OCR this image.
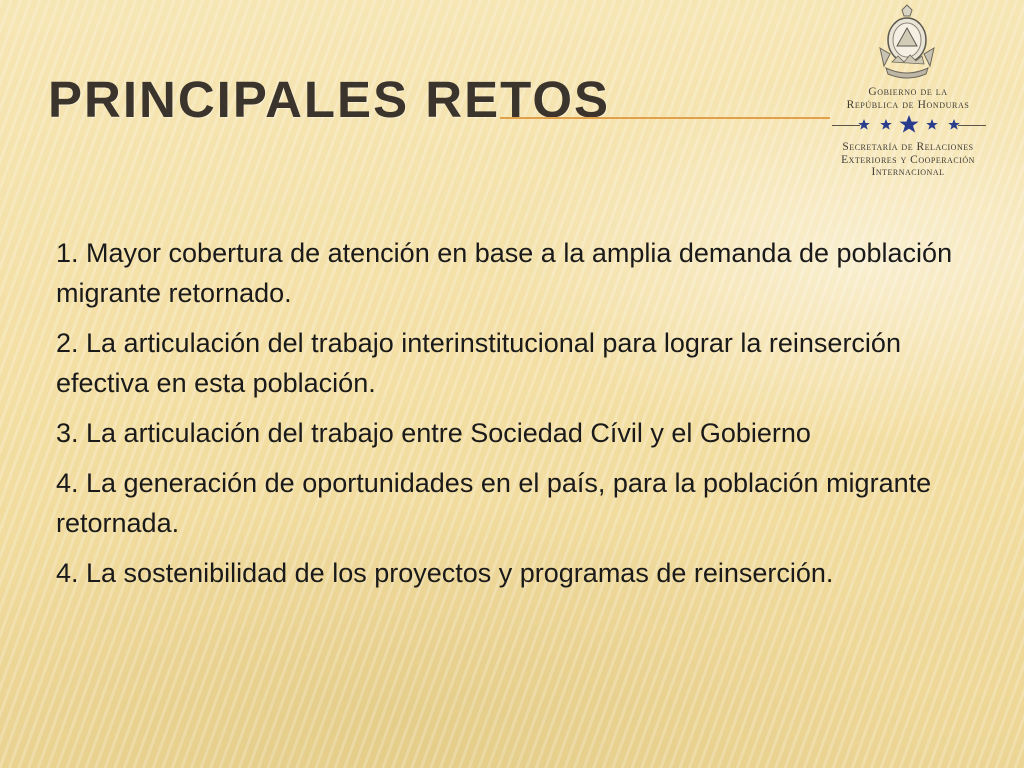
PRINCIPALES RETOS	Gobierno de la
República de Honduras
Secretaría de Relaciones
Exteriores y Cooperación
Internacional

1. Mayor cobertura de atención en base a la amplia demanda de población migrante retornado.

2. La articulación del trabajo interinstitucional para lograr la reinserción efectiva en esta población.

3. La articulación del trabajo entre Sociedad Cívil y el Gobierno

4. La generación de oportunidades en el país, para la población migrante retornada.

4. La sostenibilidad de los proyectos y programas de reinserción.
